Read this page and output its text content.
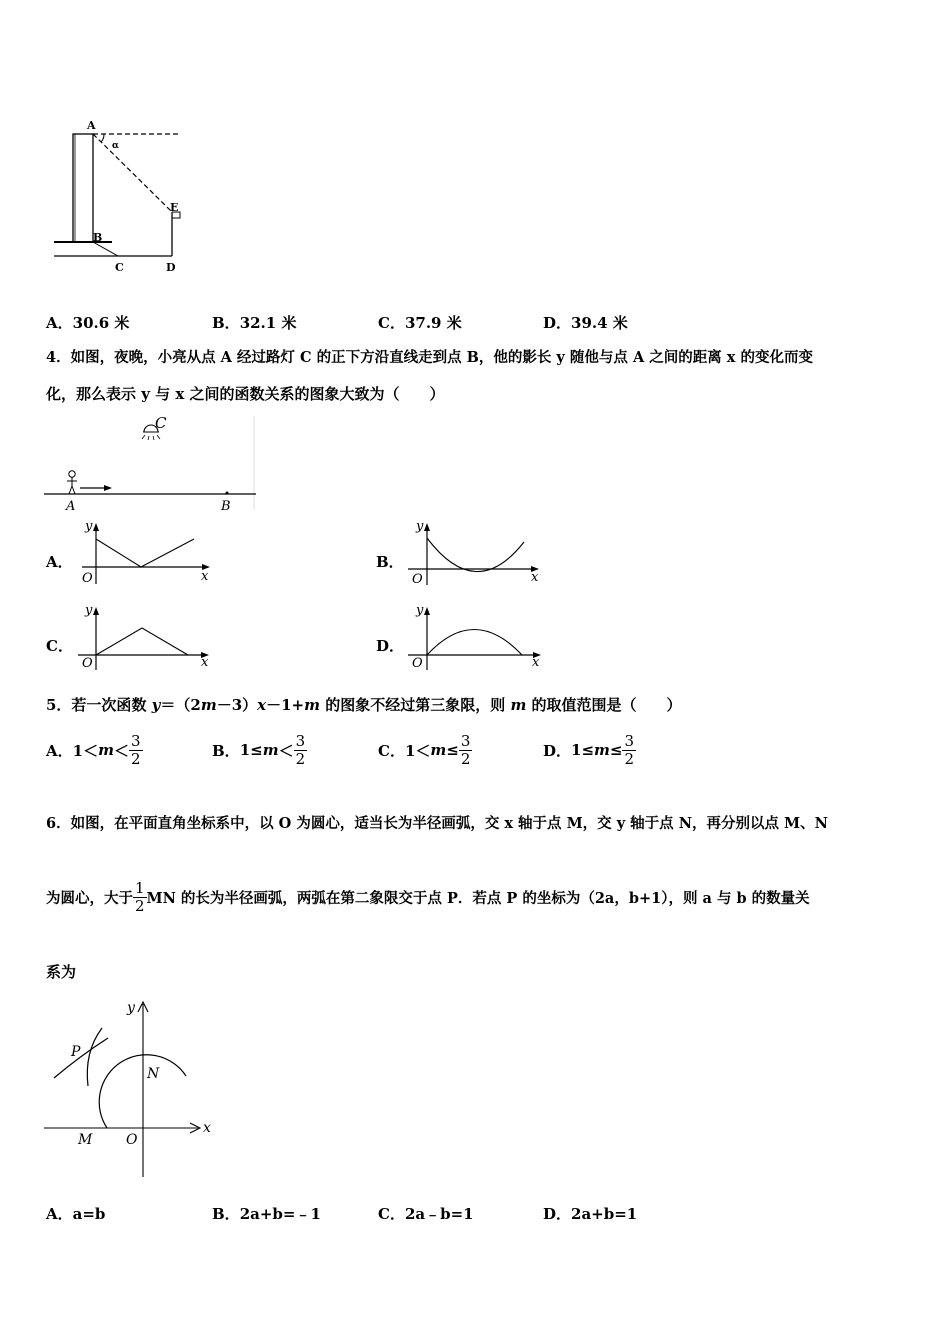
A
α
E
B
C	D
A．30.6 米	B．32.1 米	C．37.9 米	D．39.4 米
4．如图，夜晚，小亮从点 A 经过路灯 C 的正下方沿直线走到点 B，他的影长 y 随他与点 A 之间的距离 x 的变化而变
化，那么表示 y 与 x 之间的函数关系的图象大致为（　　）
C
A	B
A．
y
O	x
B．
y
O	x
C．
y
O	x
D．
y
O	x
5．若一次函数 y＝（2m－3）x－1+m 的图象不经过第三象限，则 m 的取值范围是（　　）
A． $1< m < \frac{3}{2}$	B． $1\le m < \frac{3}{2}$	C． $1< m \le \frac{3}{2}$	D． $1\le m \le \frac{3}{2}$
6．如图，在平面直角坐标系中，以 O 为圆心，适当长为半径画弧，交 x 轴于点 M，交 y 轴于点 N，再分别以点 M、N
为圆心，大于 $\frac{1}{2}$ MN 的长为半径画弧，两弧在第二象限交于点 P．若点 P 的坐标为（2a，b+1），则 a 与 b 的数量关
系为
y
x
P
N
M O
A．a=b	B．2a+b=﹣1	C．2a﹣b=1	D．2a+b=1
